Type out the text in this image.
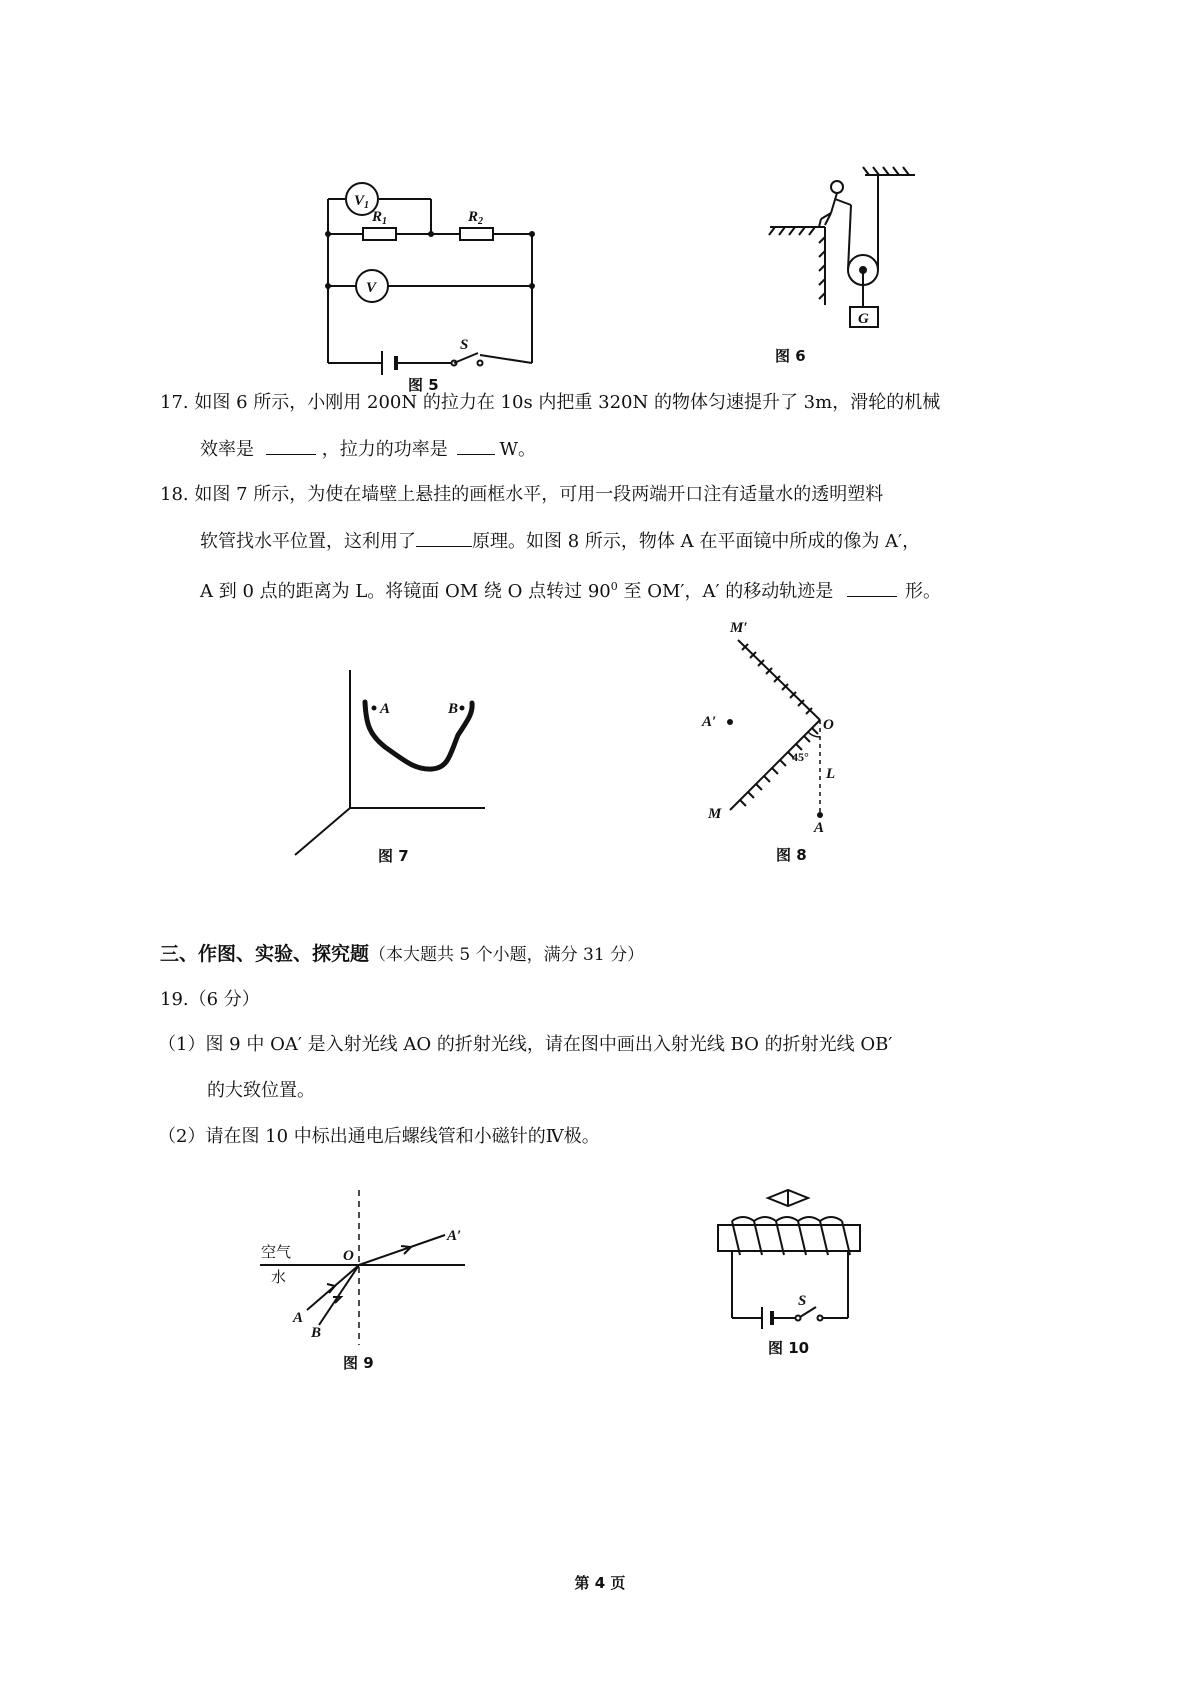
$V_1$
V
$R_1$	$R_2$
S
图 5
G
图 6
17. 如图 6 所示，小刚用 200N 的拉力在 10s 内把重 320N 的物体匀速提升了 3m，滑轮的机械
效率是	，拉力的功率是	W。
18. 如图 7 所示，为使在墙壁上悬挂的画框水平，可用一段两端开口注有适量水的透明塑料
软管找水平位置，这利用了	原理。如图 8 所示，物体 A 在平面镜中所成的像为 A′，
A 到 0 点的距离为 L。将镜面 OM 绕 O 点转过 $90^0$ 至 OM′，A′ 的移动轨迹是	形。
A	B
图 7
M′
A′	O
45°
L
M
A
图 8
三、作图、实验、探究题（本大题共 5 个小题，满分 31 分）
19.（6 分）
（1）图 9 中 OA′ 是入射光线 AO 的折射光线，请在图中画出入射光线 BO 的折射光线 OB′
的大致位置。
（2）请在图 10 中标出通电后螺线管和小磁针的Ⅳ极。
空气
水
O
A′
A
B
图 9
S
图 10
第 4 页
